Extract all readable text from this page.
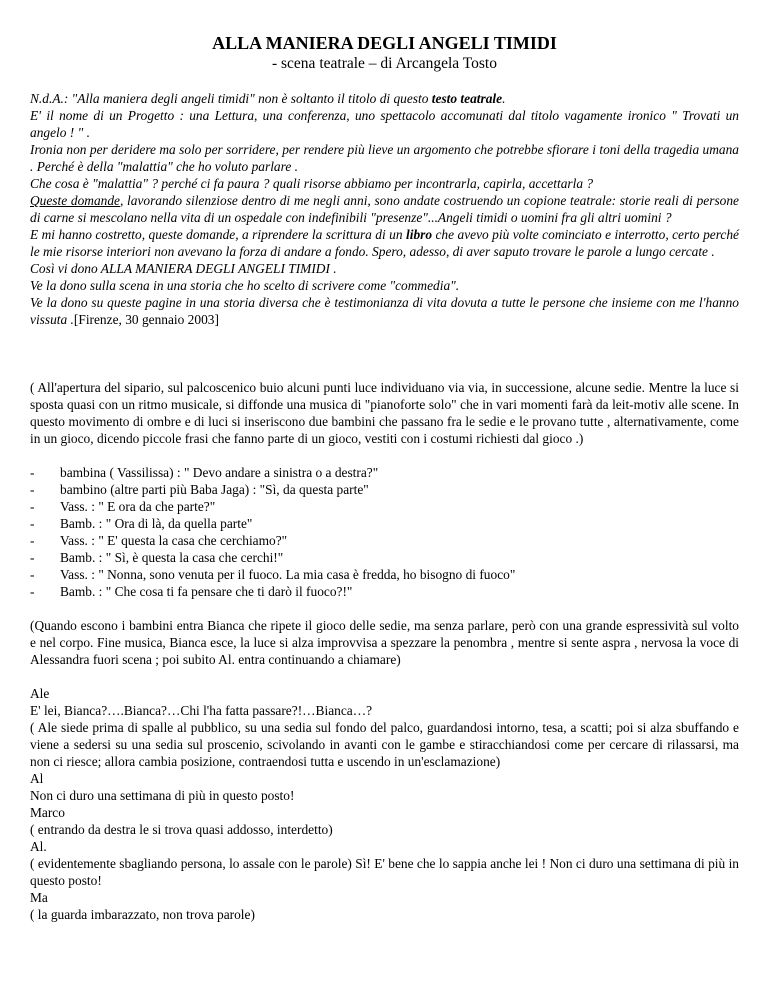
ALLA MANIERA DEGLI ANGELI TIMIDI
- scena teatrale – di Arcangela Tosto

N.d.A.: "Alla maniera degli angeli timidi" non è soltanto il titolo di questo testo teatrale.

E' il nome di un Progetto : una Lettura, una conferenza, uno spettacolo accomunati dal titolo vagamente ironico " Trovati un angelo ! " .

Ironia non per deridere ma solo per sorridere, per rendere più lieve un argomento che potrebbe sfiorare i toni della tragedia umana . Perché è della "malattia" che ho voluto parlare .

Che cosa è "malattia" ? perché ci fa paura ? quali risorse abbiamo per incontrarla, capirla, accettarla ?

Queste domande, lavorando silenziose dentro di me negli anni, sono andate costruendo un copione teatrale: storie reali di persone di carne si mescolano nella vita di un ospedale con indefinibili "presenze"...Angeli timidi o uomini fra gli altri uomini ?

E mi hanno costretto, queste domande, a riprendere la scrittura di un libro che avevo più volte cominciato e interrotto, certo perché le mie risorse interiori non avevano la forza di andare a fondo. Spero, adesso, di aver saputo trovare le parole a lungo cercate .

Così vi dono ALLA MANIERA DEGLI ANGELI TIMIDI .

Ve la dono sulla scena in una storia che ho scelto di scrivere come "commedia".

Ve la dono su queste pagine in una storia diversa che è testimonianza di vita dovuta a tutte le persone che insieme con me l'hanno vissuta .[Firenze, 30 gennaio 2003]

( All'apertura del sipario, sul palcoscenico buio alcuni punti luce individuano via via, in successione, alcune sedie. Mentre la luce si sposta quasi con un ritmo musicale, si diffonde una musica di "pianoforte solo" che in vari momenti farà da leit-motiv alle scene. In questo movimento di ombre e di luci si inseriscono due bambini che passano fra le sedie e le provano tutte , alternativamente, come in un gioco, dicendo piccole frasi che fanno parte di un gioco, vestiti con i costumi richiesti dal gioco .)

- bambina ( Vassilissa) : " Devo andare a sinistra o a destra?"
- bambino (altre parti più Baba Jaga) : "Sì, da questa parte"
- Vass. : " E ora da che parte?"
- Bamb. : " Ora di là, da quella parte"
- Vass. : " E' questa la casa che cerchiamo?"
- Bamb. : " Sì, è questa la casa che cerchi!"
- Vass. : " Nonna, sono venuta per il fuoco. La mia casa è fredda, ho bisogno di fuoco"
- Bamb. : " Che cosa ti fa pensare che ti darò il fuoco?!"

(Quando escono i bambini entra Bianca che ripete il gioco delle sedie, ma senza parlare, però con una grande espressività sul volto e nel corpo. Fine musica, Bianca esce, la luce si alza improvvisa a spezzare la penombra , mentre si sente aspra , nervosa la voce di Alessandra fuori scena ; poi subito Al. entra continuando a chiamare)

Ale

E' lei, Bianca?….Bianca?…Chi l'ha fatta passare?!…Bianca…?

( Ale siede prima di spalle al pubblico, su una sedia sul fondo del palco, guardandosi intorno, tesa, a scatti; poi si alza sbuffando e viene a sedersi su una sedia sul proscenio, scivolando in avanti con le gambe e stiracchiandosi come per cercare di rilassarsi, ma non ci riesce; allora cambia posizione, contraendosi tutta e uscendo in un'esclamazione)

Al

Non ci duro una settimana di più in questo posto!

Marco

( entrando da destra le si trova quasi addosso, interdetto)

Al.

( evidentemente sbagliando persona, lo assale con le parole) Sì! E' bene che lo sappia anche lei ! Non ci duro una settimana di più in questo posto!

Ma

( la guarda imbarazzato, non trova parole)
